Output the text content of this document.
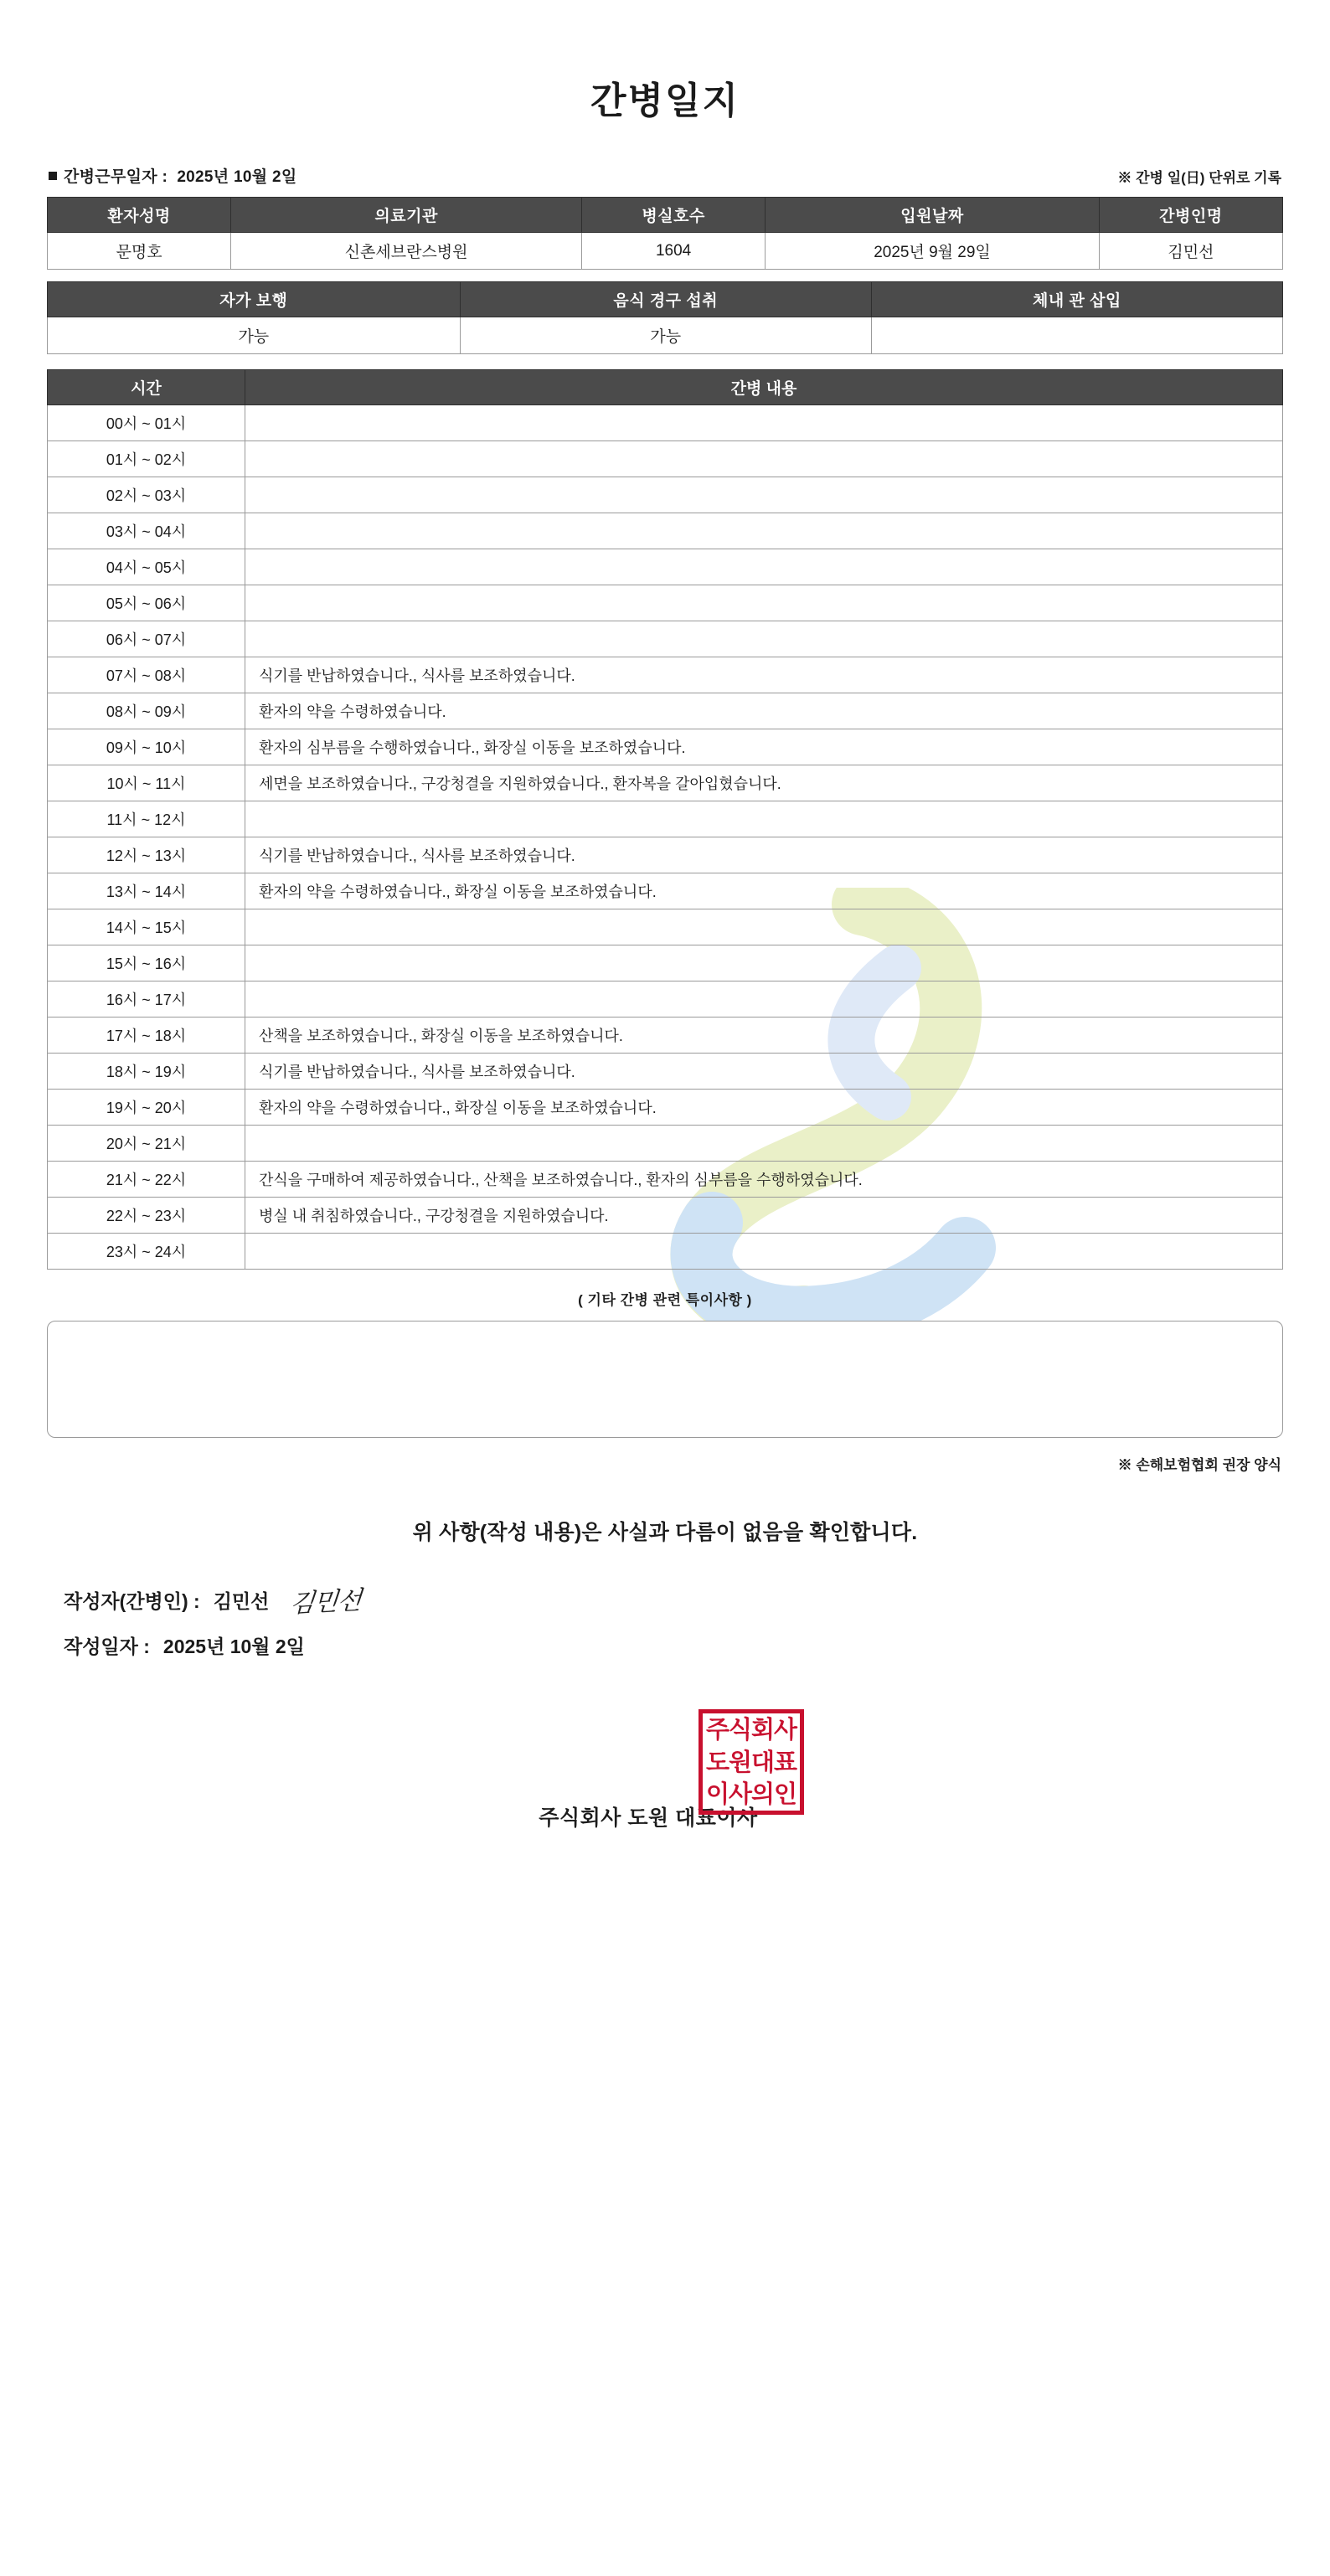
간병일지
간병근무일자 : 2025년 10월 2일	※ 간병 일(日) 단위로 기록
환자성명	의료기관	병실호수	입원날짜	간병인명
문명호	신촌세브란스병원	1604	2025년 9월 29일	김민선
자가 보행	음식 경구 섭취	체내 관 삽입
가능	가능	
시간	간병 내용
00시 ~ 01시	
01시 ~ 02시	
02시 ~ 03시	
03시 ~ 04시	
04시 ~ 05시	
05시 ~ 06시	
06시 ~ 07시	
07시 ~ 08시	식기를 반납하였습니다., 식사를 보조하였습니다.
08시 ~ 09시	환자의 약을 수령하였습니다.
09시 ~ 10시	환자의 심부름을 수행하였습니다., 화장실 이동을 보조하였습니다.
10시 ~ 11시	세면을 보조하였습니다., 구강청결을 지원하였습니다., 환자복을 갈아입혔습니다.
11시 ~ 12시	
12시 ~ 13시	식기를 반납하였습니다., 식사를 보조하였습니다.
13시 ~ 14시	환자의 약을 수령하였습니다., 화장실 이동을 보조하였습니다.
14시 ~ 15시	
15시 ~ 16시	
16시 ~ 17시	
17시 ~ 18시	산책을 보조하였습니다., 화장실 이동을 보조하였습니다.
18시 ~ 19시	식기를 반납하였습니다., 식사를 보조하였습니다.
19시 ~ 20시	환자의 약을 수령하였습니다., 화장실 이동을 보조하였습니다.
20시 ~ 21시	
21시 ~ 22시	간식을 구매하여 제공하였습니다., 산책을 보조하였습니다., 환자의 심부름을 수행하였습니다.
22시 ~ 23시	병실 내 취침하였습니다., 구강청결을 지원하였습니다.
23시 ~ 24시	
( 기타 간병 관련 특이사항 )
※ 손해보험협회 권장 양식
위 사항(작성 내용)은 사실과 다름이 없음을 확인합니다.
작성자(간병인) : 김민선 김민선
작성일자 : 2025년 10월 2일
주식회사 도원 대표이사
주식회사
도원대표
이사의인
